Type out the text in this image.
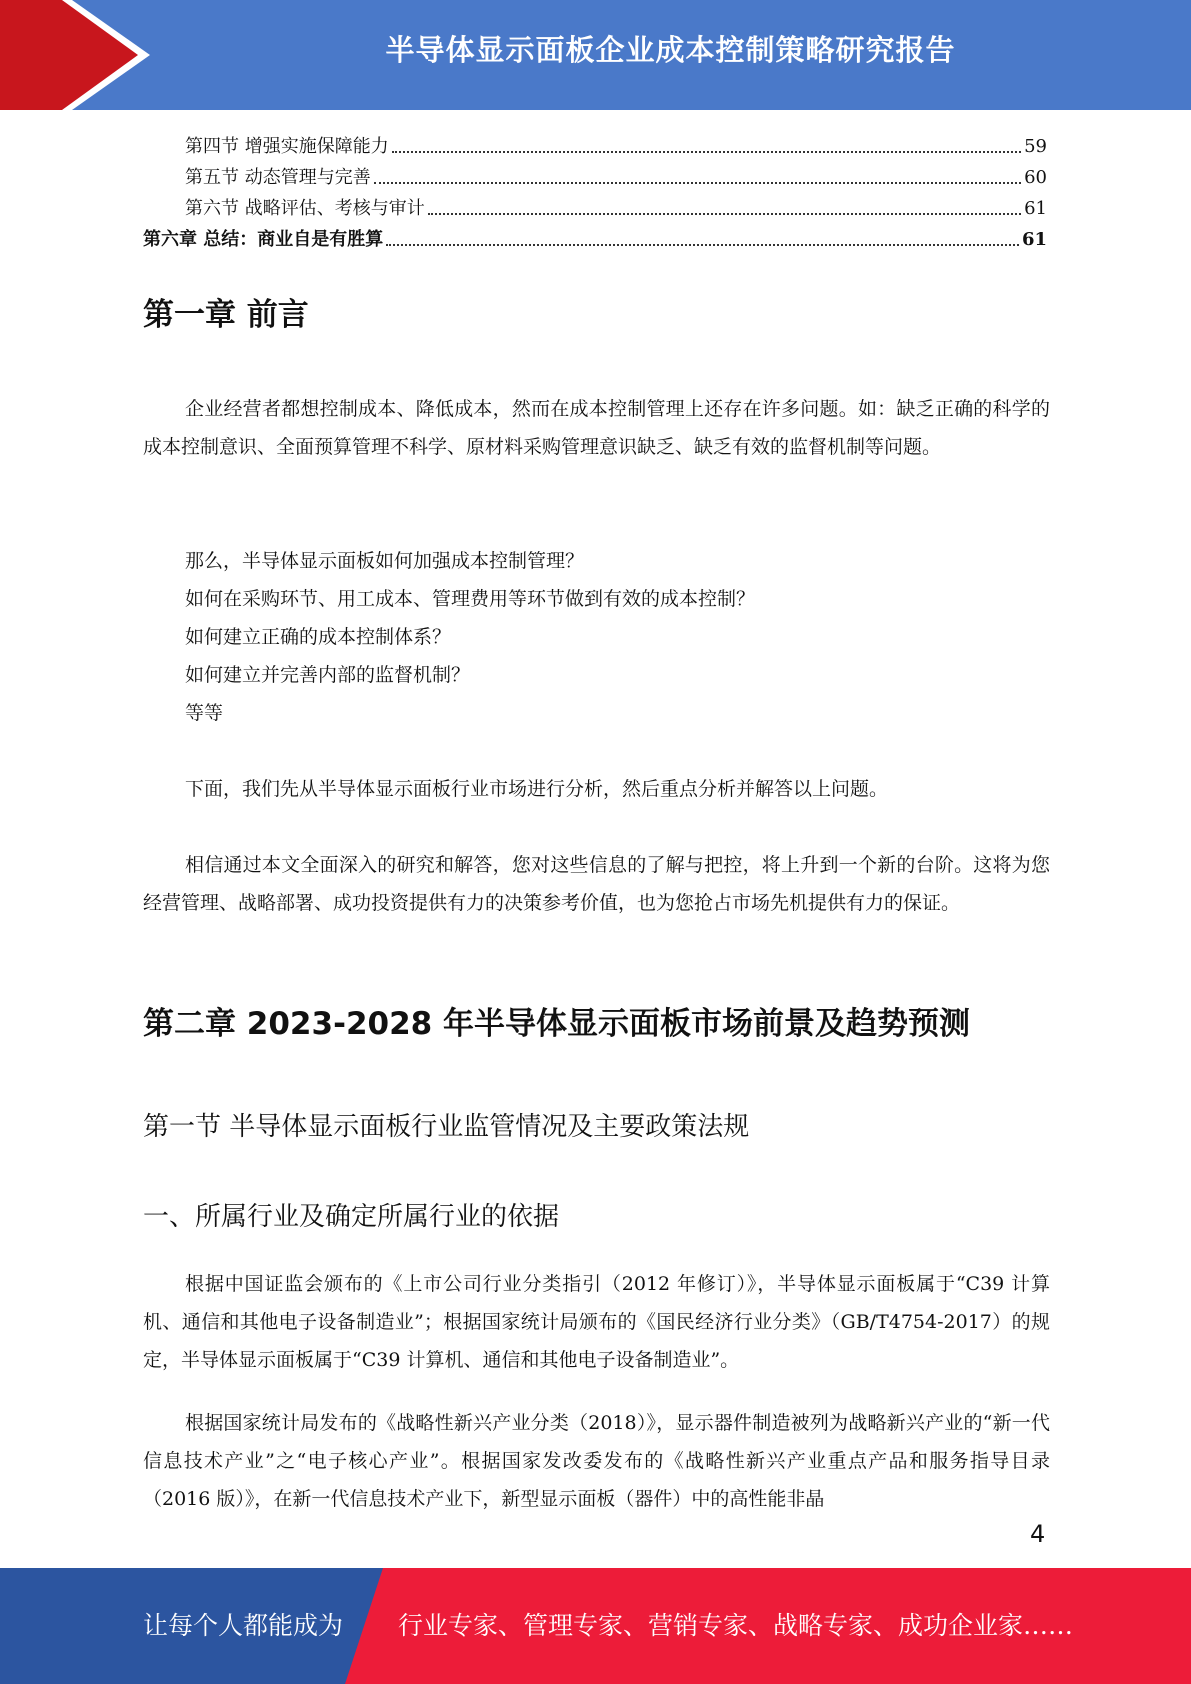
半导体显示面板企业成本控制策略研究报告
第四节 增强实施保障能力	59
第五节 动态管理与完善	60
第六节 战略评估、考核与审计	61
第六章 总结：商业自是有胜算	61
第一章 前言

企业经营者都想控制成本、降低成本，然而在成本控制管理上还存在许多问题。如：缺乏正确的科学的成本控制意识、全面预算管理不科学、原材料采购管理意识缺乏、缺乏有效的监督机制等问题。

那么，半导体显示面板如何加强成本控制管理？
如何在采购环节、用工成本、管理费用等环节做到有效的成本控制？
如何建立正确的成本控制体系？
如何建立并完善内部的监督机制？
等等

下面，我们先从半导体显示面板行业市场进行分析，然后重点分析并解答以上问题。

相信通过本文全面深入的研究和解答，您对这些信息的了解与把控，将上升到一个新的台阶。这将为您经营管理、战略部署、成功投资提供有力的决策参考价值，也为您抢占市场先机提供有力的保证。

第二章 2023-2028 年半导体显示面板市场前景及趋势预测
第一节 半导体显示面板行业监管情况及主要政策法规
一、所属行业及确定所属行业的依据

根据中国证监会颁布的《上市公司行业分类指引（2012 年修订）》，半导体显示面板属于“C39 计算机、通信和其他电子设备制造业”；根据国家统计局颁布的《国民经济行业分类》（GB/T4754-2017）的规定，半导体显示面板属于“C39 计算机、通信和其他电子设备制造业”。

根据国家统计局发布的《战略性新兴产业分类（2018）》，显示器件制造被列为战略新兴产业的“新一代信息技术产业”之“电子核心产业”。根据国家发改委发布的《战略性新兴产业重点产品和服务指导目录（2016 版）》，在新一代信息技术产业下，新型显示面板（器件）中的高性能非晶

4
让每个人都能成为 行业专家、管理专家、营销专家、战略专家、成功企业家……
